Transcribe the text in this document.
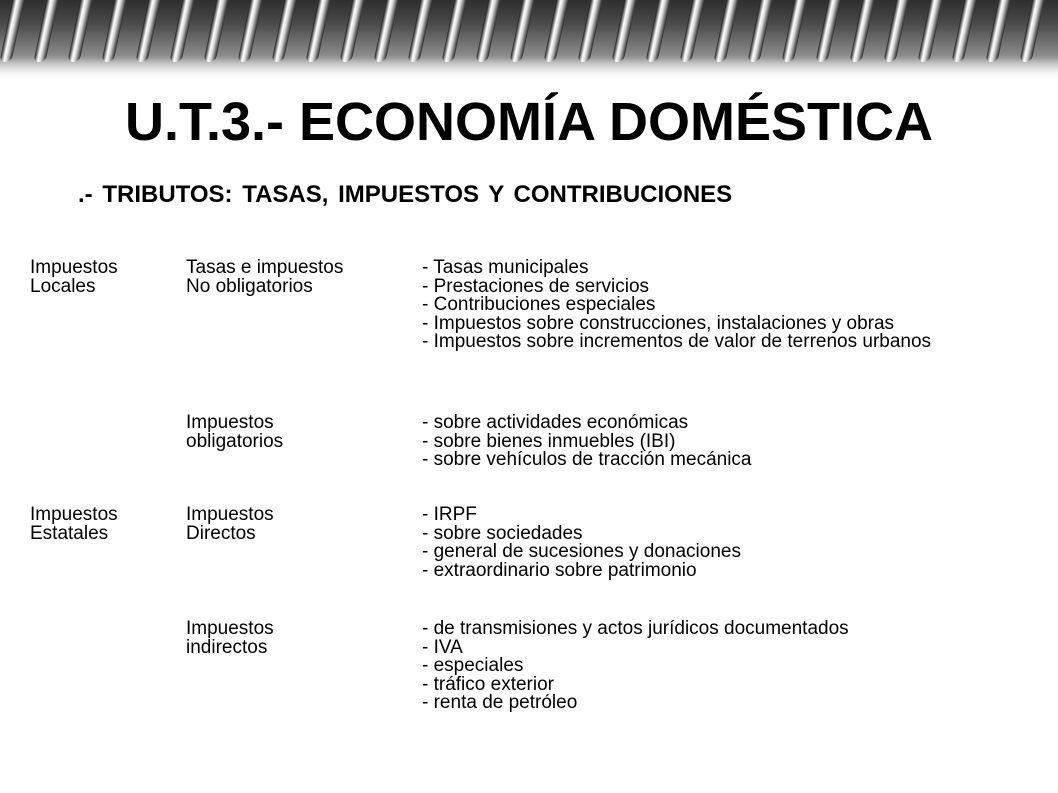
U.T.3.- ECONOMÍA DOMÉSTICA
.- TRIBUTOS: TASAS, IMPUESTOS Y CONTRIBUCIONES
Impuestos
Locales
Tasas e impuestos
No obligatorios
- Tasas municipales
- Prestaciones de servicios
- Contribuciones especiales
- Impuestos sobre construcciones, instalaciones y obras
- Impuestos sobre incrementos de valor de terrenos urbanos
Impuestos
obligatorios
- sobre actividades económicas
- sobre bienes inmuebles (IBI)
- sobre vehículos de tracción mecánica
Impuestos
Estatales
Impuestos
Directos
- IRPF
- sobre sociedades
- general de sucesiones y donaciones
- extraordinario sobre patrimonio
Impuestos
indirectos
- de transmisiones y actos jurídicos documentados
- IVA
- especiales
- tráfico exterior
- renta de petróleo
